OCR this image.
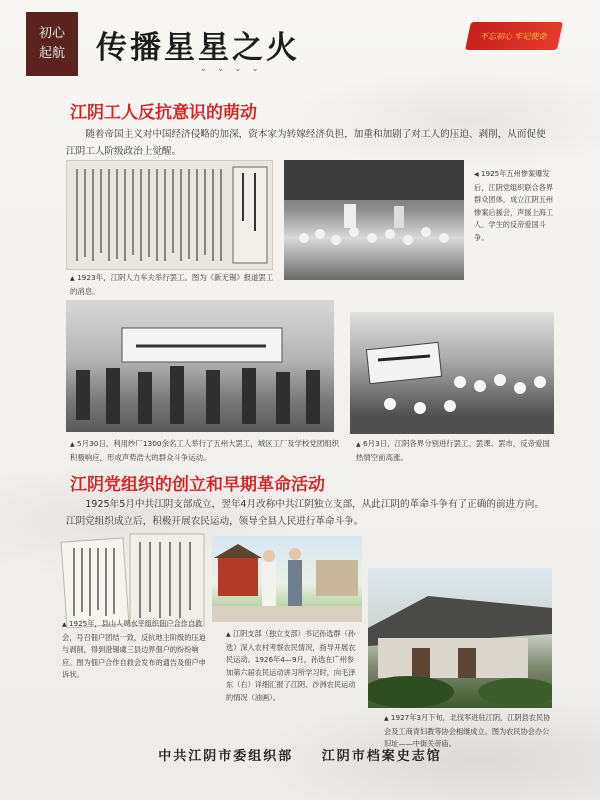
初心
起航 传播星星之火	不忘初心 牢记使命
⌄ ⌄ ⌄ ⌄
江阴工人反抗意识的萌动
随着帝国主义对中国经济侵略的加深，资本家为转嫁经济负担，加重和加剧了对工人的压迫、剥削，从而促使江阴工人阶级政治上觉醒。
▲ 1923年，江阴人力车夫举行罢工。图为《新无锡》报道罢工的消息。
◀ 1925年五州惨案爆发后，江阴党组织联合各界群众团体，成立江阴五州惨案后援会，声援上海工人、学生的反帝爱国斗争。
▲ 5月30日，利用纱厂1300余名工人举行了五州大罢工，城区工厂及学校党团组织积极响应，形成声势浩大的群众斗争运动。
▲ 6月3日，江阴各界分别进行罢工、罢课、罢市，反帝爱国热情空前高涨。
江阴党组织的创立和早期革命活动
1925年5月中共江阴支部成立，翌年4月改称中共江阴独立支部，从此江阴的革命斗争有了正确的前进方向。江阴党组织成立后，积极开展农民运动，领导全县人民进行革命斗争。
▲ 1925年，县山人周水平组织佃户合作自救会，号召佃户团结一致，反抗地主阶级的压迫与剥削，得到澄锡虞三县边界佃户的纷纷响应。图为佃户合作自救会发布的通告及佃户申诉状。
▲ 江阴支部（独立支部）书记孙选群（孙选）深入农村考察农民情况，指导开展农民运动。1926年4—9月，孙选在广州参加第六届农民运动讲习所学习时，向毛泽东（右）详细汇报了江阴、沙洲农民运动的情况（油画）。
▲ 1927年3月下旬，北伐军进驻江阴，江阴县农民协会及工商青妇教等协会相继成立。图为农民协会办公旧址——中街关帝庙。
中共江阴市委组织部 江阴市档案史志馆
